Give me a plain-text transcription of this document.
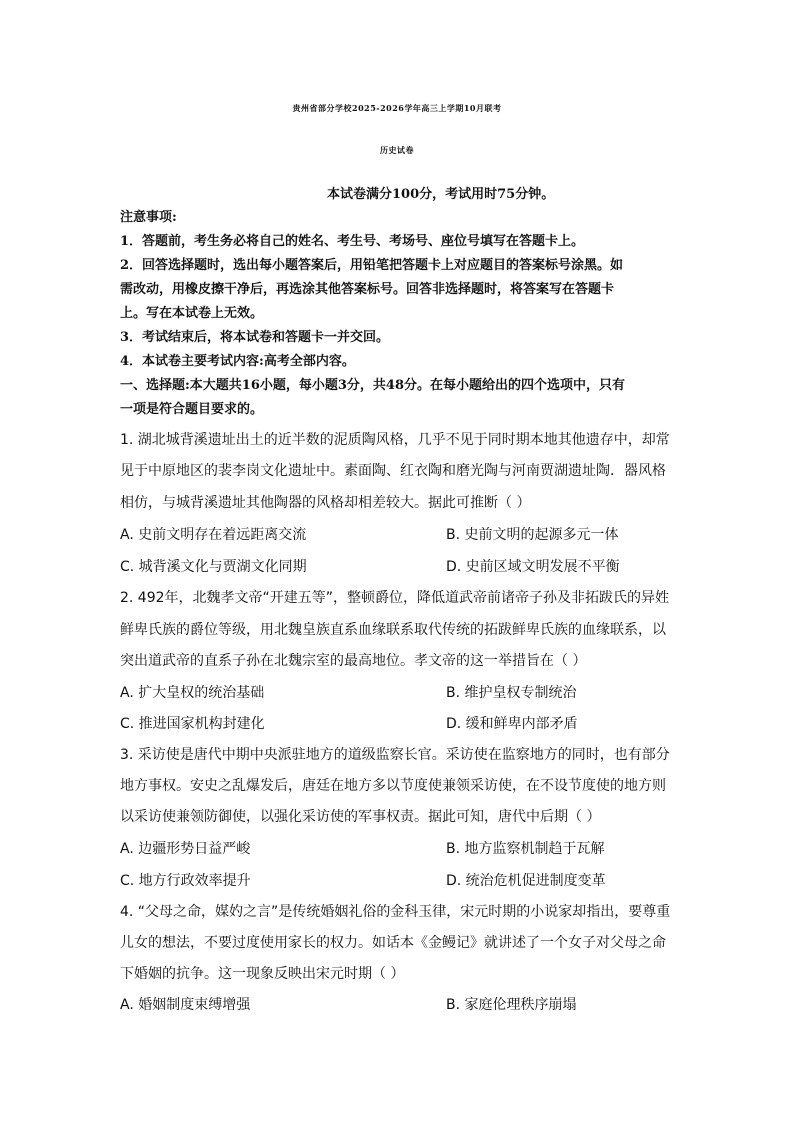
贵州省部分学校2025-2026学年高三上学期10月联考
历史试卷
本试卷满分100分，考试用时75分钟。
注意事项:
1．答题前，考生务必将自己的姓名、考生号、考场号、座位号填写在答题卡上。
2．回答选择题时，选出每小题答案后，用铅笔把答题卡上对应题目的答案标号涂黑。如
需改动，用橡皮擦干净后，再选涂其他答案标号。回答非选择题时，将答案写在答题卡
上。写在本试卷上无效。
3．考试结束后，将本试卷和答题卡一并交回。
4．本试卷主要考试内容:高考全部内容。
一、选择题:本大题共16小题，每小题3分，共48分。在每小题给出的四个选项中，只有
一项是符合题目要求的。
1. 湖北城背溪遗址出土的近半数的泥质陶风格，几乎不见于同时期本地其他遗存中，却常
见于中原地区的裴李岗文化遗址中。素面陶、红衣陶和磨光陶与河南贾湖遗址陶．器风格
相仿，与城背溪遗址其他陶器的风格却相差较大。据此可推断（ ）
A. 史前文明存在着远距离交流	B. 史前文明的起源多元一体
C. 城背溪文化与贾湖文化同期	D. 史前区域文明发展不平衡
2. 492年，北魏孝文帝“开建五等”，整顿爵位，降低道武帝前诸帝子孙及非拓跋氏的异姓
鲜卑氏族的爵位等级，用北魏皇族直系血缘联系取代传统的拓跋鲜卑氏族的血缘联系，以
突出道武帝的直系子孙在北魏宗室的最高地位。孝文帝的这一举措旨在（ ）
A. 扩大皇权的统治基础	B. 维护皇权专制统治
C. 推进国家机构封建化	D. 缓和鲜卑内部矛盾
3. 采访使是唐代中期中央派驻地方的道级监察长官。采访使在监察地方的同时，也有部分
地方事权。安史之乱爆发后，唐廷在地方多以节度使兼领采访使，在不设节度使的地方则
以采访使兼领防御使，以强化采访使的军事权责。据此可知，唐代中后期（ ）
A. 边疆形势日益严峻	B. 地方监察机制趋于瓦解
C. 地方行政效率提升	D. 统治危机促进制度变革
4. “父母之命，媒妁之言”是传统婚姻礼俗的金科玉律，宋元时期的小说家却指出，要尊重
儿女的想法，不要过度使用家长的权力。如话本《金鳗记》就讲述了一个女子对父母之命
下婚姻的抗争。这一现象反映出宋元时期（ ）
A. 婚姻制度束缚增强	B. 家庭伦理秩序崩塌
